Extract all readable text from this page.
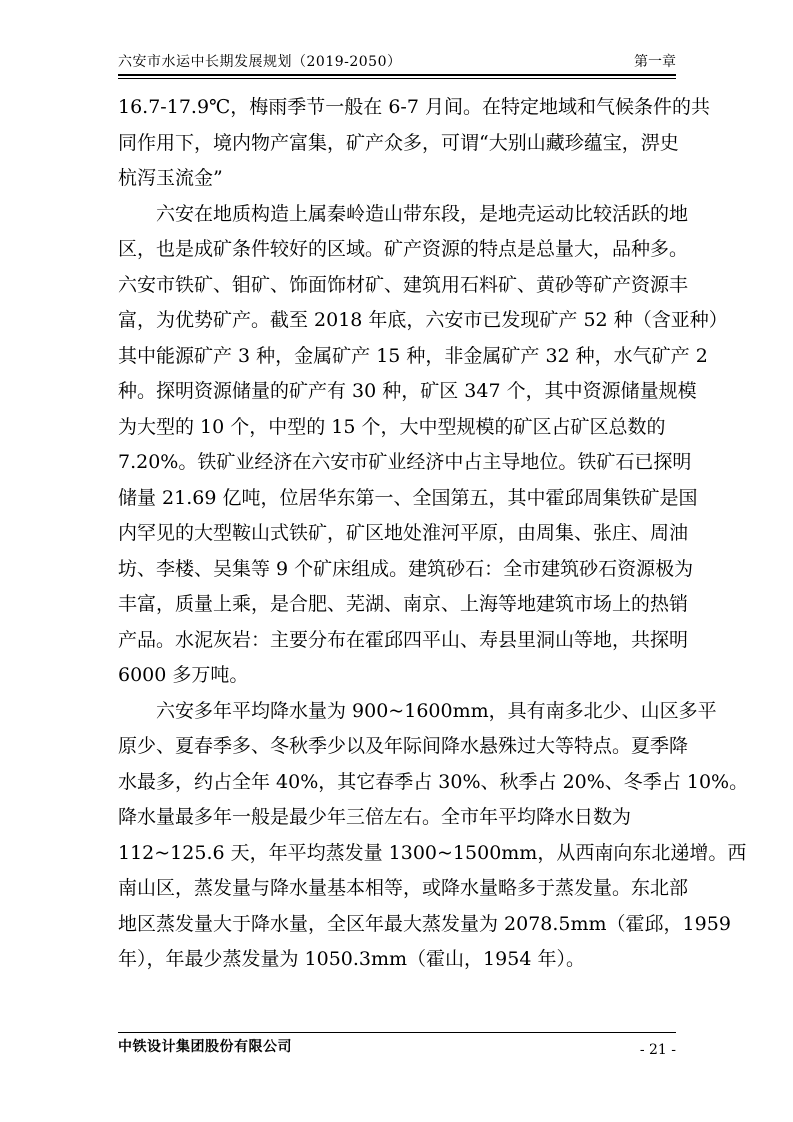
六安市水运中长期发展规划（2019-2050）	第一章
16.7-17.9℃，梅雨季节一般在 6-7 月间。在特定地域和气候条件的共
同作用下，境内物产富集，矿产众多，可谓“大别山藏珍蕴宝，淠史
杭泻玉流金”
六安在地质构造上属秦岭造山带东段，是地壳运动比较活跃的地
区，也是成矿条件较好的区域。矿产资源的特点是总量大，品种多。
六安市铁矿、钼矿、饰面饰材矿、建筑用石料矿、黄砂等矿产资源丰
富，为优势矿产。截至 2018 年底，六安市已发现矿产 52 种（含亚种）
其中能源矿产 3 种，金属矿产 15 种，非金属矿产 32 种，水气矿产 2
种。探明资源储量的矿产有 30 种，矿区 347 个，其中资源储量规模
为大型的 10 个，中型的 15 个，大中型规模的矿区占矿区总数的
7.20%。铁矿业经济在六安市矿业经济中占主导地位。铁矿石已探明
储量 21.69 亿吨，位居华东第一、全国第五，其中霍邱周集铁矿是国
内罕见的大型鞍山式铁矿，矿区地处淮河平原，由周集、张庄、周油
坊、李楼、吴集等 9 个矿床组成。建筑砂石：全市建筑砂石资源极为
丰富，质量上乘，是合肥、芜湖、南京、上海等地建筑市场上的热销
产品。水泥灰岩：主要分布在霍邱四平山、寿县里洞山等地，共探明
6000 多万吨。
六安多年平均降水量为 900~1600mm，具有南多北少、山区多平
原少、夏春季多、冬秋季少以及年际间降水悬殊过大等特点。夏季降
水最多，约占全年 40%，其它春季占 30%、秋季占 20%、冬季占 10%。
降水量最多年一般是最少年三倍左右。全市年平均降水日数为
112~125.6 天，年平均蒸发量 1300~1500mm，从西南向东北递增。西
南山区，蒸发量与降水量基本相等，或降水量略多于蒸发量。东北部
地区蒸发量大于降水量，全区年最大蒸发量为 2078.5mm（霍邱，1959
年），年最少蒸发量为 1050.3mm（霍山，1954 年）。
中铁设计集团股份有限公司	- 21 -
